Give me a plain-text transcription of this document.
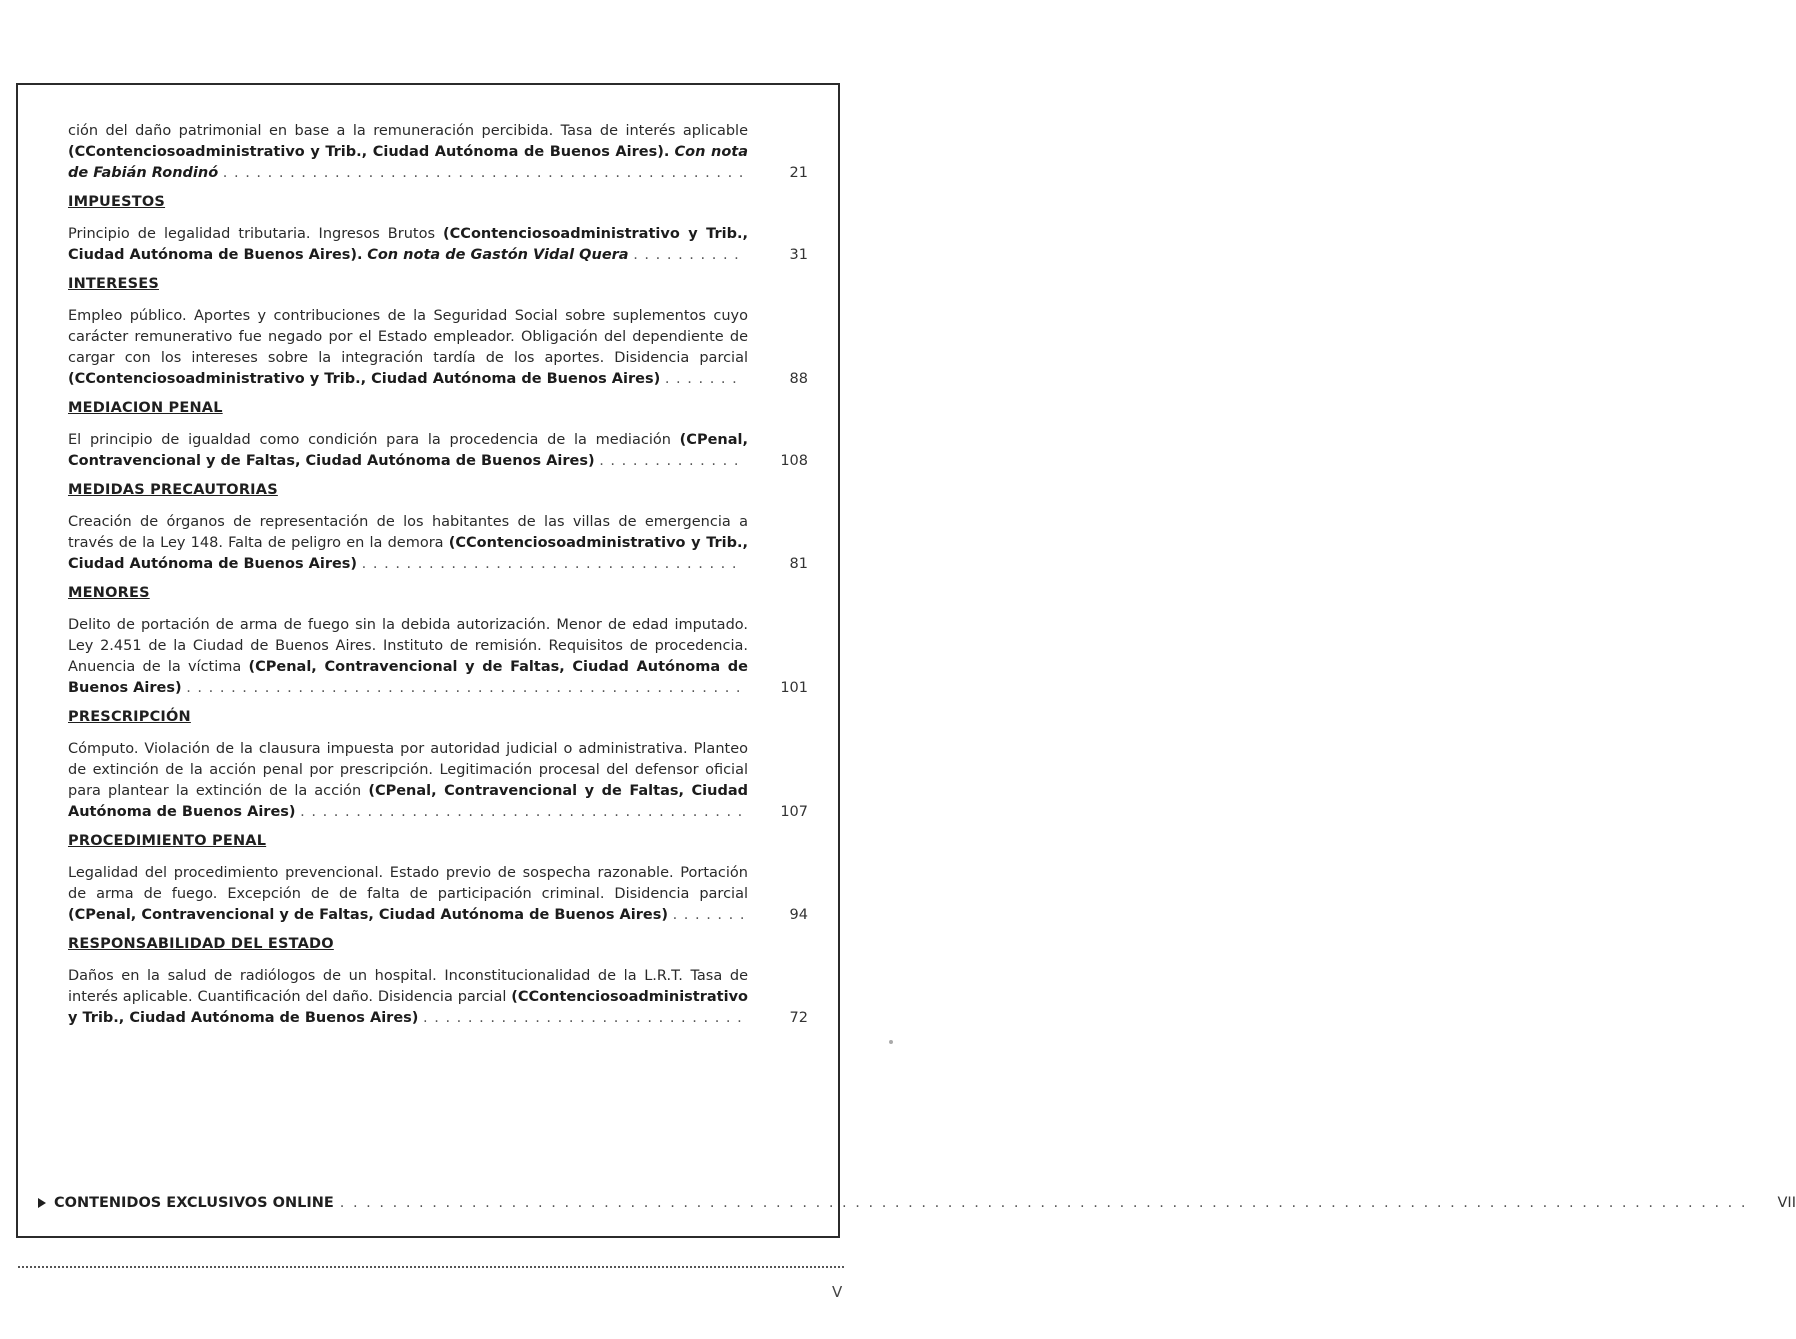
ción del daño patrimonial en base a la remuneración percibida. Tasa de interés aplicable (CContenciosoadministrativo y Trib., Ciudad Autónoma de Buenos Aires). Con nota de Fabián Rondinó . . . . . . . . . . . . . . . . . . . . . . . . . . . . . . . . . . . . . . . . . . . . . . .	21
IMPUESTOS
Principio de legalidad tributaria. Ingresos Brutos (CContenciosoadministrativo y Trib., Ciudad Autónoma de Buenos Aires). Con nota de Gastón Vidal Quera . . . . . . . . . .	31
INTERESES
Empleo público. Aportes y contribuciones de la Seguridad Social sobre suplementos cuyo carácter remunerativo fue negado por el Estado empleador. Obligación del dependiente de cargar con los intereses sobre la integración tardía de los aportes. Disidencia parcial (CContenciosoadministrativo y Trib., Ciudad Autónoma de Buenos Aires) . . . . . . .	88
MEDIACION PENAL
El principio de igualdad como condición para la procedencia de la mediación (CPenal, Contravencional y de Faltas, Ciudad Autónoma de Buenos Aires) . . . . . . . . . . . . .	108
MEDIDAS PRECAUTORIAS
Creación de órganos de representación de los habitantes de las villas de emergencia a través de la Ley 148. Falta de peligro en la demora (CContenciosoadministrativo y Trib., Ciudad Autónoma de Buenos Aires) . . . . . . . . . . . . . . . . . . . . . . . . . . . . . . . . . .	81
MENORES
Delito de portación de arma de fuego sin la debida autorización. Menor de edad imputado. Ley 2.451 de la Ciudad de Buenos Aires. Instituto de remisión. Requisitos de procedencia. Anuencia de la víctima (CPenal, Contravencional y de Faltas, Ciudad Autónoma de Buenos Aires) . . . . . . . . . . . . . . . . . . . . . . . . . . . . . . . . . . . . . . . . . . . . . . . . . .	101
PRESCRIPCIÓN
Cómputo. Violación de la clausura impuesta por autoridad judicial o administrativa. Planteo de extinción de la acción penal por prescripción. Legitimación procesal del defensor oficial para plantear la extinción de la acción (CPenal, Contravencional y de Faltas, Ciudad Autónoma de Buenos Aires) . . . . . . . . . . . . . . . . . . . . . . . . . . . . . . . . . . . . . . . .	107
PROCEDIMIENTO PENAL
Legalidad del procedimiento prevencional. Estado previo de sospecha razonable. Portación de arma de fuego. Excepción de de falta de participación criminal. Disidencia parcial (CPenal, Contravencional y de Faltas, Ciudad Autónoma de Buenos Aires) . . . . . . .	94
RESPONSABILIDAD DEL ESTADO
Daños en la salud de radiólogos de un hospital. Inconstitucionalidad de la L.R.T. Tasa de interés aplicable. Cuantificación del daño. Disidencia parcial (CContenciosoadministrativo y Trib., Ciudad Autónoma de Buenos Aires) . . . . . . . . . . . . . . . . . . . . . . . . . . . . .	72
CONTENIDOS EXCLUSIVOS ONLINE . . . . . . . . . . . . . . . . . . . . . . . . . . . . . . . . . . . . . . . . . . . . . . . . . . . . . . . . . . . . . . . . . . . . . . . . . . . . . . . . . . . . . . . . . . . . . . . . . . . . . . . . . . . VII
V
